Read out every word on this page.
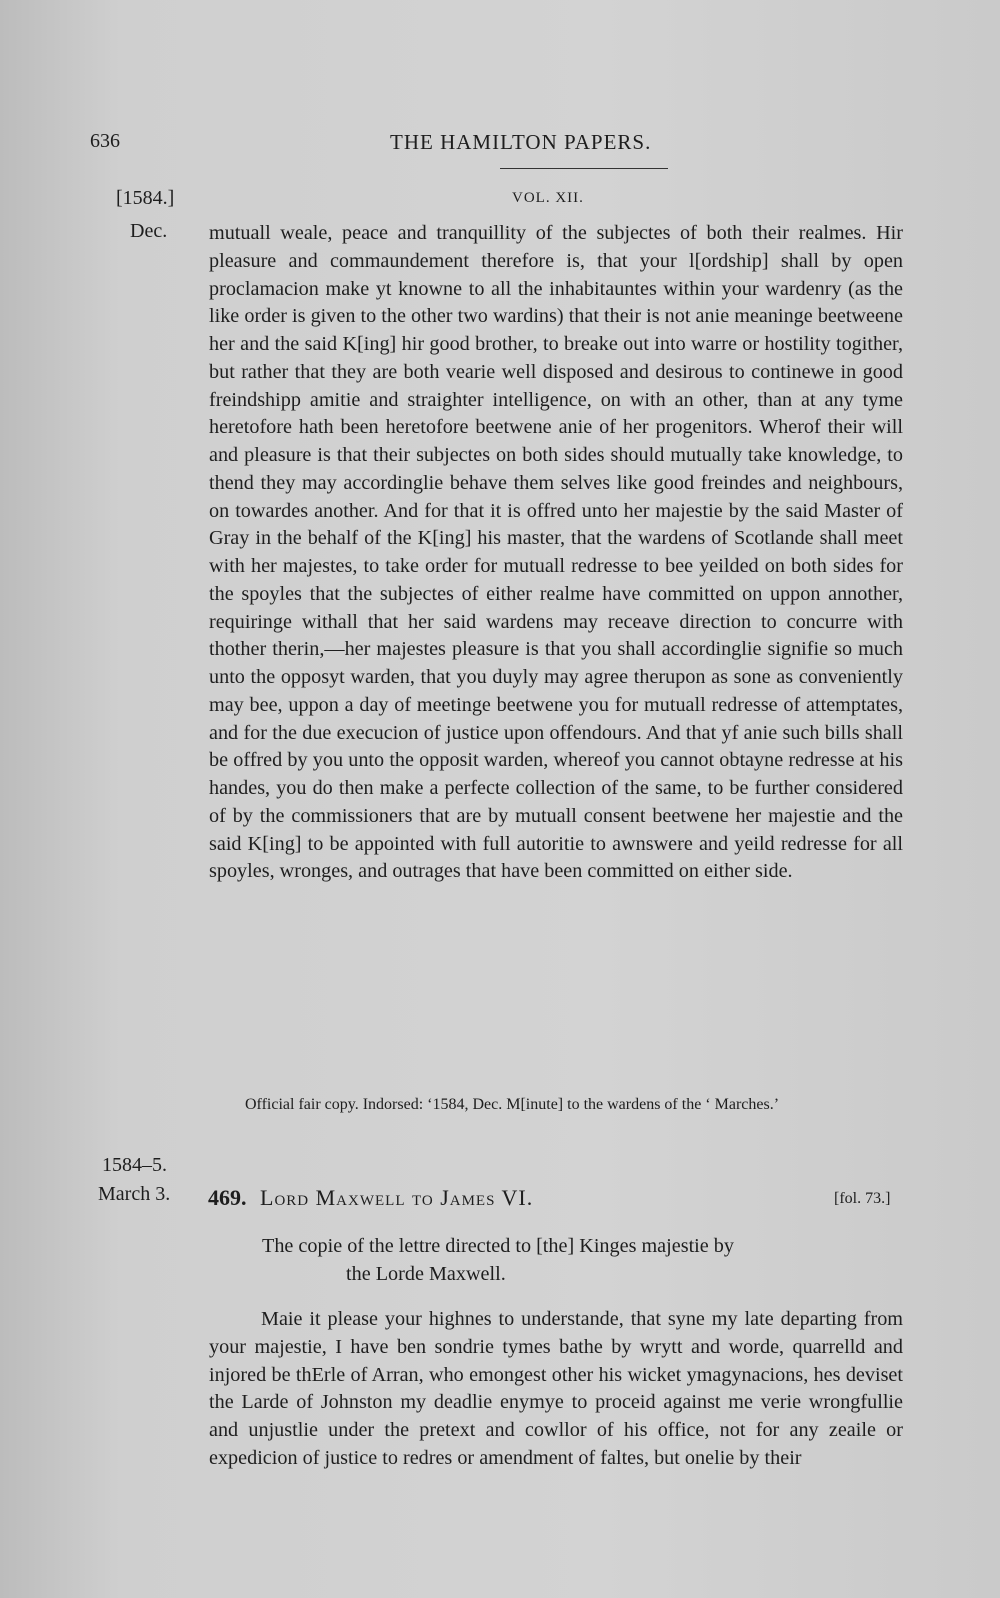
636	THE HAMILTON PAPERS.
[1584.]	VOL. XII.
Dec. mutuall weale, peace and tranquillity of the subjectes of both their realmes. Hir pleasure and commaundement therefore is, that your l[ordship] shall by open proclamacion make yt knowne to all the inhabitauntes within your wardenry (as the like order is given to the other two wardins) that their is not anie meaninge beetweene her and the said K[ing] hir good brother, to breake out into warre or hostility togither, but rather that they are both vearie well disposed and desirous to continewe in good freindshipp amitie and straighter intelligence, on with an other, than at any tyme heretofore hath been heretofore beetwene anie of her progenitors. Wherof their will and pleasure is that their subjectes on both sides should mutually take knowledge, to thend they may accordinglie behave them selves like good freindes and neighbours, on towardes another. And for that it is offred unto her majestie by the said Master of Gray in the behalf of the K[ing] his master, that the wardens of Scotlande shall meet with her majestes, to take order for mutuall redresse to bee yeilded on both sides for the spoyles that the subjectes of either realme have committed on uppon annother, requiringe withall that her said wardens may receave direction to concurre with thother therin,—her majestes pleasure is that you shall accordinglie signifie so much unto the opposyt warden, that you duyly may agree therupon as sone as conveniently may bee, uppon a day of meetinge beetwene you for mutuall redresse of attemptates, and for the due execucion of justice upon offendours. And that yf anie such bills shall be offred by you unto the opposit warden, whereof you cannot obtayne redresse at his handes, you do then make a perfecte collection of the same, to be further considered of by the commissioners that are by mutuall consent beetwene her majestie and the said K[ing] to be appointed with full autoritie to awnswere and yeild redresse for all spoyles, wronges, and outrages that have been committed on either side.

Official fair copy. Indorsed: ‘1584, Dec. M[inute] to the wardens of the ‘ Marches.’
1584–5.
March 3. 469. Lord Maxwell to James VI.	[fol. 73.]
The copie of the lettre directed to [the] Kinges majestie by
the Lorde Maxwell.

Maie it please your highnes to understande, that syne my late departing from your majestie, I have ben sondrie tymes bathe by wrytt and worde, quarrelld and injored be thErle of Arran, who emongest other his wicket ymagynacions, hes deviset the Larde of Johnston my deadlie enymye to proceid against me verie wrongfullie and unjustlie under the pretext and cowllor of his office, not for any zeaile or expedicion of justice to redres or amendment of faltes, but onelie by their
